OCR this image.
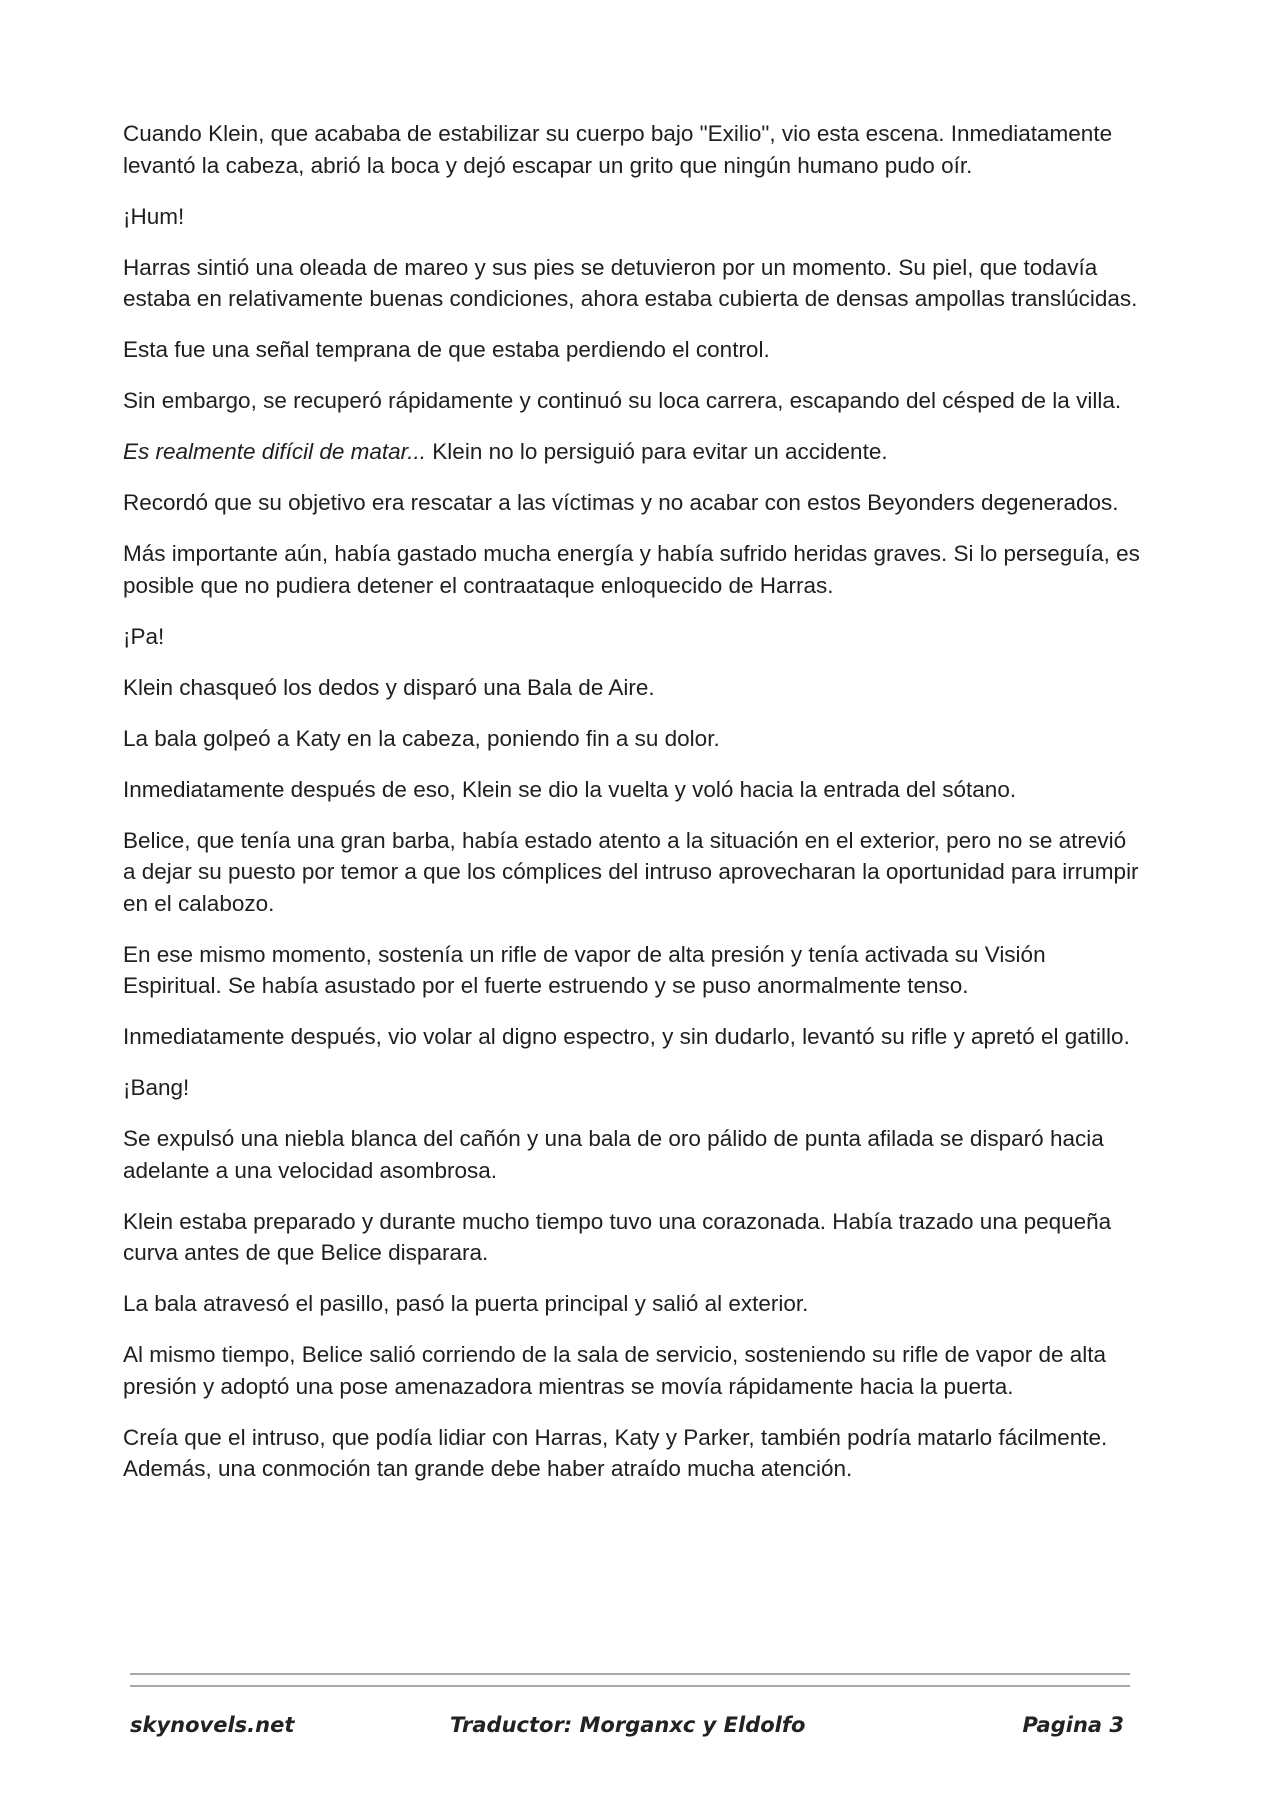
Cuando Klein, que acababa de estabilizar su cuerpo bajo "Exilio", vio esta escena. Inmediatamente levantó la cabeza, abrió la boca y dejó escapar un grito que ningún humano pudo oír.

¡Hum!

Harras sintió una oleada de mareo y sus pies se detuvieron por un momento. Su piel, que todavía estaba en relativamente buenas condiciones, ahora estaba cubierta de densas ampollas translúcidas.

Esta fue una señal temprana de que estaba perdiendo el control.

Sin embargo, se recuperó rápidamente y continuó su loca carrera, escapando del césped de la villa.

Es realmente difícil de matar... Klein no lo persiguió para evitar un accidente.

Recordó que su objetivo era rescatar a las víctimas y no acabar con estos Beyonders degenerados.

Más importante aún, había gastado mucha energía y había sufrido heridas graves. Si lo perseguía, es posible que no pudiera detener el contraataque enloquecido de Harras.

¡Pa!

Klein chasqueó los dedos y disparó una Bala de Aire.

La bala golpeó a Katy en la cabeza, poniendo fin a su dolor.

Inmediatamente después de eso, Klein se dio la vuelta y voló hacia la entrada del sótano.

Belice, que tenía una gran barba, había estado atento a la situación en el exterior, pero no se atrevió a dejar su puesto por temor a que los cómplices del intruso aprovecharan la oportunidad para irrumpir en el calabozo.

En ese mismo momento, sostenía un rifle de vapor de alta presión y tenía activada su Visión Espiritual. Se había asustado por el fuerte estruendo y se puso anormalmente tenso.

Inmediatamente después, vio volar al digno espectro, y sin dudarlo, levantó su rifle y apretó el gatillo.

¡Bang!

Se expulsó una niebla blanca del cañón y una bala de oro pálido de punta afilada se disparó hacia adelante a una velocidad asombrosa.

Klein estaba preparado y durante mucho tiempo tuvo una corazonada. Había trazado una pequeña curva antes de que Belice disparara.

La bala atravesó el pasillo, pasó la puerta principal y salió al exterior.

Al mismo tiempo, Belice salió corriendo de la sala de servicio, sosteniendo su rifle de vapor de alta presión y adoptó una pose amenazadora mientras se movía rápidamente hacia la puerta.

Creía que el intruso, que podía lidiar con Harras, Katy y Parker, también podría matarlo fácilmente. Además, una conmoción tan grande debe haber atraído mucha atención.

skynovels.net	Traductor: Morganxc y Eldolfo	Pagina 3
